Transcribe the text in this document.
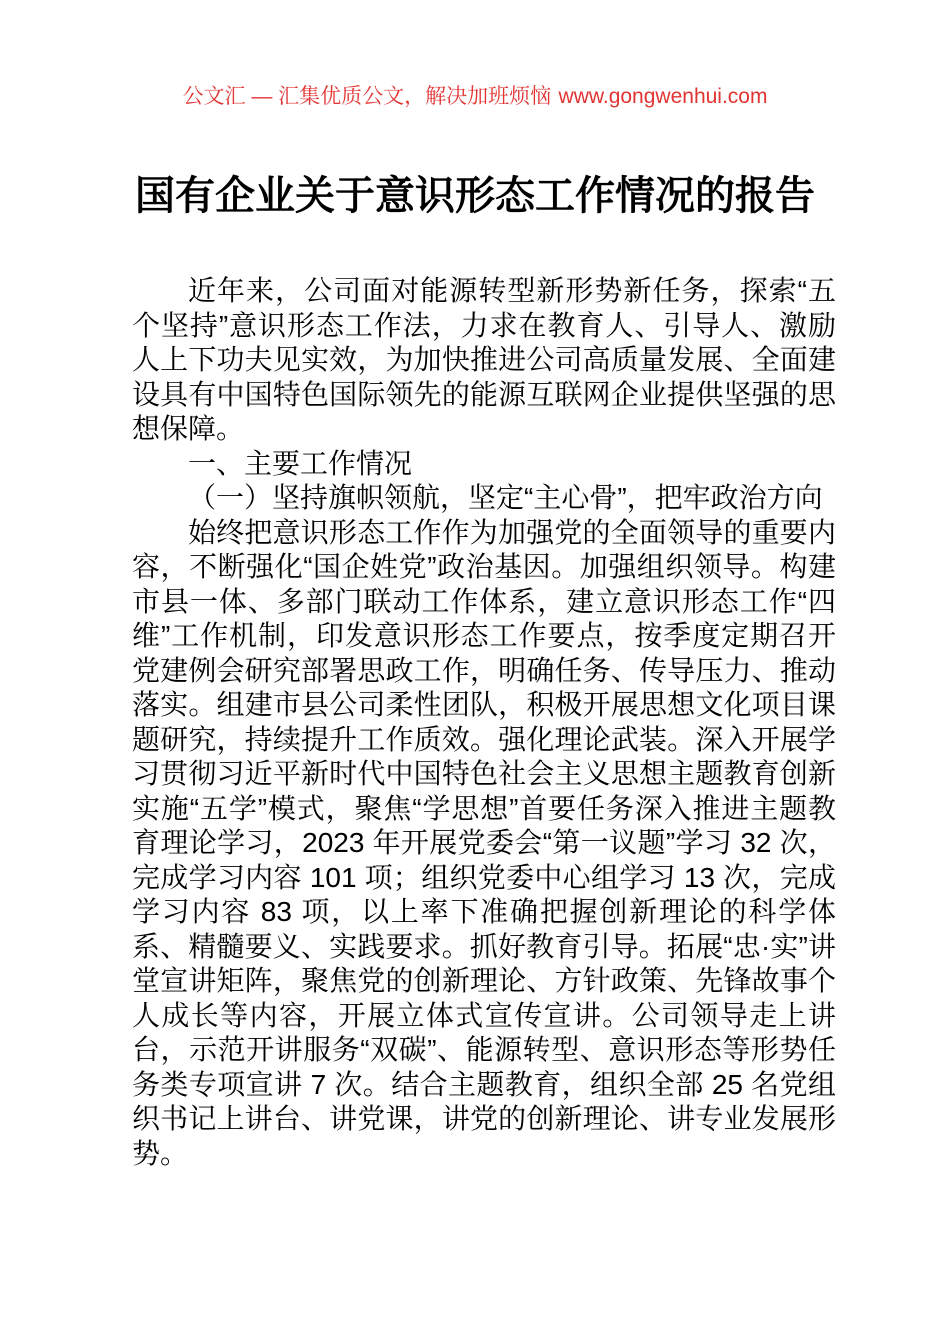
公文汇 — 汇集优质公文，解决加班烦恼 www.gongwenhui.com
国有企业关于意识形态工作情况的报告

近年来，公司面对能源转型新形势新任务，探索“五个坚持”意识形态工作法，力求在教育人、引导人、激励人上下功夫见实效，为加快推进公司高质量发展、全面建设具有中国特色国际领先的能源互联网企业提供坚强的思想保障。

一、主要工作情况

（一）坚持旗帜领航，坚定“主心骨”，把牢政治方向

始终把意识形态工作作为加强党的全面领导的重要内容，不断强化“国企姓党”政治基因。加强组织领导。构建市县一体、多部门联动工作体系，建立意识形态工作“四维”工作机制，印发意识形态工作要点，按季度定期召开党建例会研究部署思政工作，明确任务、传导压力、推动落实。组建市县公司柔性团队，积极开展思想文化项目课题研究，持续提升工作质效。强化理论武装。深入开展学习贯彻习近平新时代中国特色社会主义思想主题教育创新实施“五学”模式，聚焦“学思想”首要任务深入推进主题教育理论学习，2023 年开展党委会“第一议题”学习 32 次，完成学习内容 101 项；组织党委中心组学习 13 次，完成学习内容 83 项，以上率下准确把握创新理论的科学体系、精髓要义、实践要求。抓好教育引导。拓展“忠·实”讲堂宣讲矩阵，聚焦党的创新理论、方针政策、先锋故事个人成长等内容，开展立体式宣传宣讲。公司领导走上讲台，示范开讲服务“双碳”、能源转型、意识形态等形势任务类专项宣讲 7 次。结合主题教育，组织全部 25 名党组织书记上讲台、讲党课，讲党的创新理论、讲专业发展形势。
